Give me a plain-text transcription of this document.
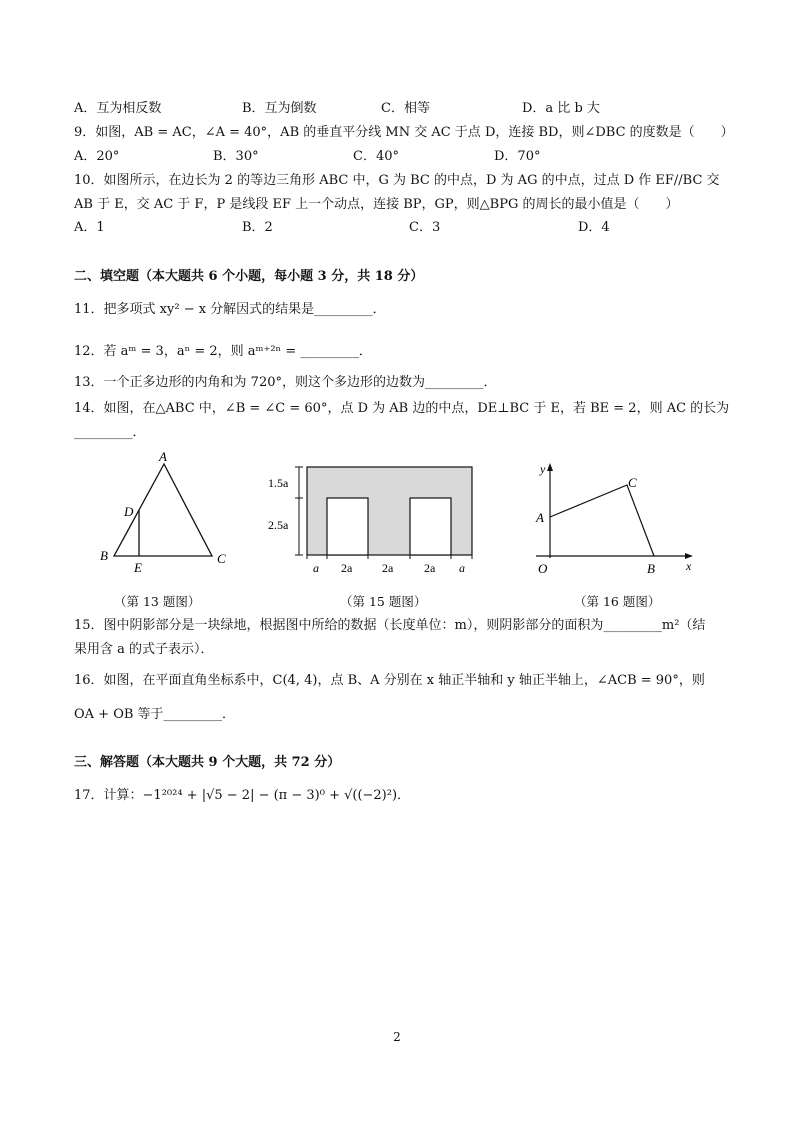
A．互为相反数	B．互为倒数	C．相等	D．a 比 b 大
9．如图，AB = AC，∠A = 40°，AB 的垂直平分线 MN 交 AC 于点 D，连接 BD，则∠DBC 的度数是（　　）
A．20°	B．30°	C．40°	D．70°
10．如图所示，在边长为 2 的等边三角形 ABC 中，G 为 BC 的中点，D 为 AG 的中点，过点 D 作 EF//BC 交
AB 于 E，交 AC 于 F，P 是线段 EF 上一个动点，连接 BP，GP，则△BPG 的周长的最小值是（　　）
A．1	B．2	C．3	D．4
二、填空题（本大题共 6 个小题，每小题 3 分，共 18 分）
11．把多项式 xy² − x 分解因式的结果是_________．
12．若 aᵐ = 3，aⁿ = 2，则 aᵐ⁺²ⁿ = _________．
13．一个正多边形的内角和为 720°，则这个多边形的边数为_________．
14．如图，在△ABC 中，∠B = ∠C = 60°，点 D 为 AB 边的中点，DE⊥BC 于 E，若 BE = 2，则 AC 的长为
_________．
A
D
B
E
C
（第 13 题图）
1.5a
2.5a
a 2a 2a	2a a
（第 15 题图）
y
C
A
O	B	x
（第 16 题图）
15．图中阴影部分是一块绿地，根据图中所给的数据（长度单位：m），则阴影部分的面积为_________m²（结
果用含 a 的式子表示）．
16．如图，在平面直角坐标系中，C(4, 4)，点 B、A 分别在 x 轴正半轴和 y 轴正半轴上，∠ACB = 90°，则
OA + OB 等于_________．
三、解答题（本大题共 9 个大题，共 72 分）
17．计算：−1²⁰²⁴ + |√5 − 2| − (π − 3)⁰ + √((−2)²)．
2
